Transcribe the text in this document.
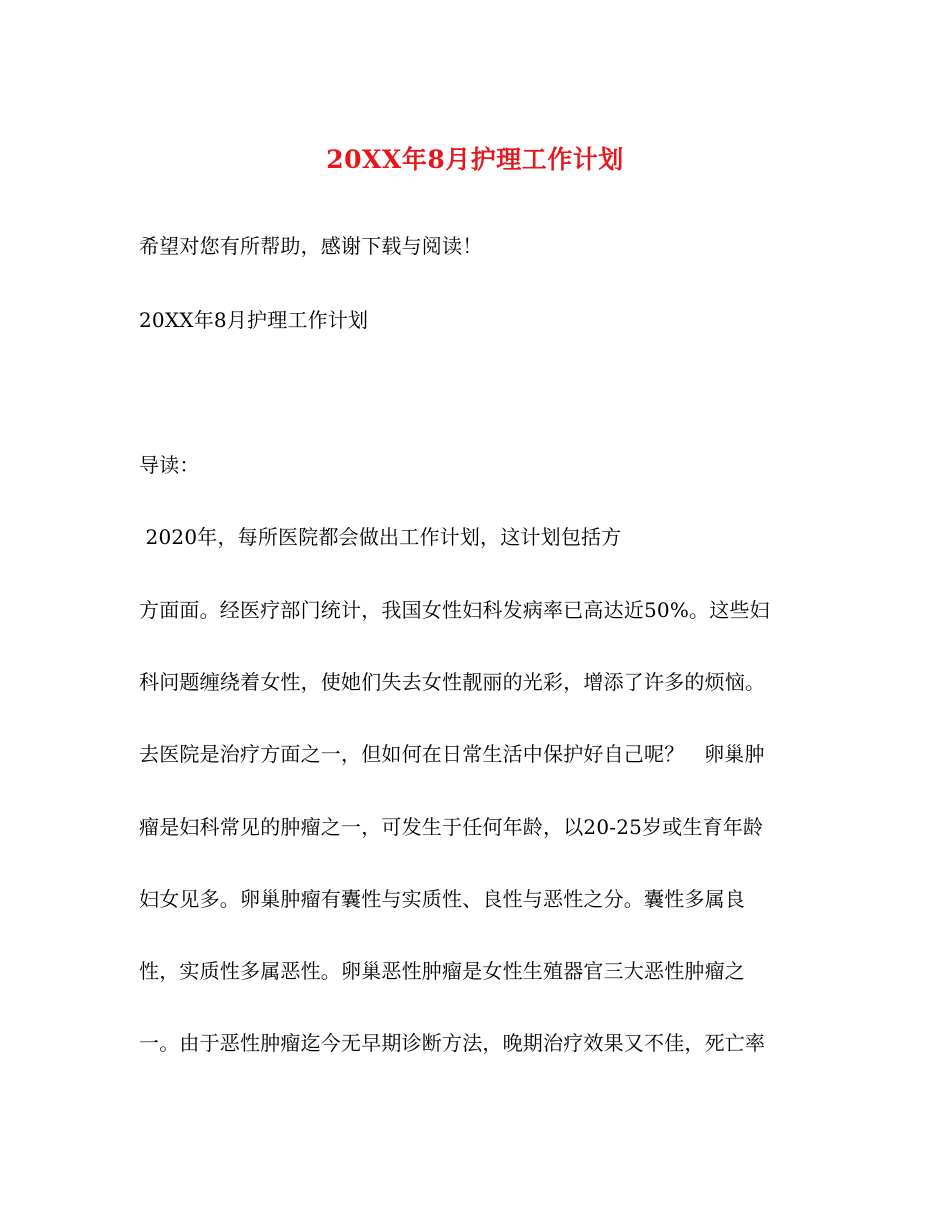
20XX年8月护理工作计划
希望对您有所帮助，感谢下载与阅读！
20XX年8月护理工作计划
导读：
2020年，每所医院都会做出工作计划，这计划包括方
方面面。经医疗部门统计，我国女性妇科发病率已高达近50%。这些妇
科问题缠绕着女性，使她们失去女性靓丽的光彩，增添了许多的烦恼。
去医院是治疗方面之一，但如何在日常生活中保护好自己呢？   卵巢肿
瘤是妇科常见的肿瘤之一，可发生于任何年龄，以20-25岁或生育年龄
妇女见多。卵巢肿瘤有囊性与实质性、良性与恶性之分。囊性多属良
性，实质性多属恶性。卵巢恶性肿瘤是女性生殖器官三大恶性肿瘤之
一。由于恶性肿瘤迄今无早期诊断方法，晚期治疗效果又不佳，死亡率
